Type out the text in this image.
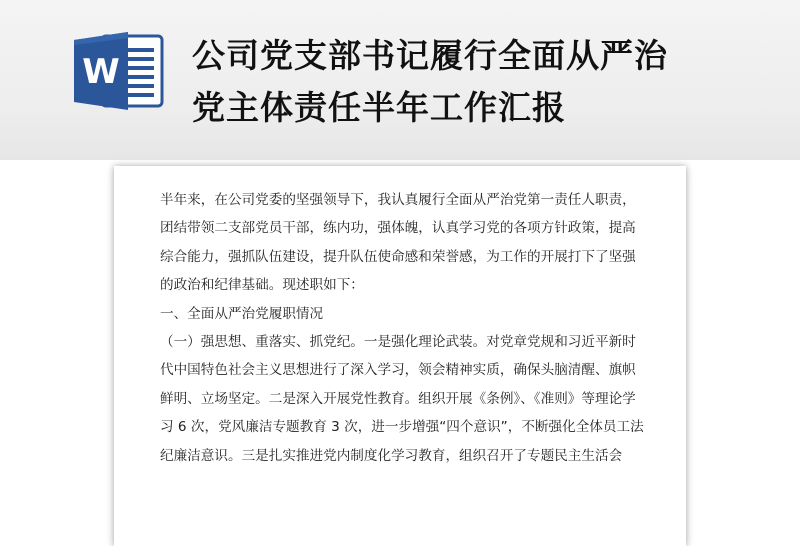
W 公司党支部书记履行全面从严治
党主体责任半年工作汇报
半年来，在公司党委的坚强领导下，我认真履行全面从严治党第一责任人职责，
团结带领二支部党员干部，练内功，强体魄，认真学习党的各项方针政策，提高
综合能力，强抓队伍建设，提升队伍使命感和荣誉感，为工作的开展打下了坚强
的政治和纪律基础。现述职如下：
一、全面从严治党履职情况
（一）强思想、重落实、抓党纪。一是强化理论武装。对党章党规和习近平新时
代中国特色社会主义思想进行了深入学习，领会精神实质，确保头脑清醒、旗帜
鲜明、立场坚定。二是深入开展党性教育。组织开展《条例》、《准则》等理论学
习 6 次，党风廉洁专题教育 3 次，进一步增强“四个意识”，不断强化全体员工法
纪廉洁意识。三是扎实推进党内制度化学习教育，组织召开了专题民主生活会
